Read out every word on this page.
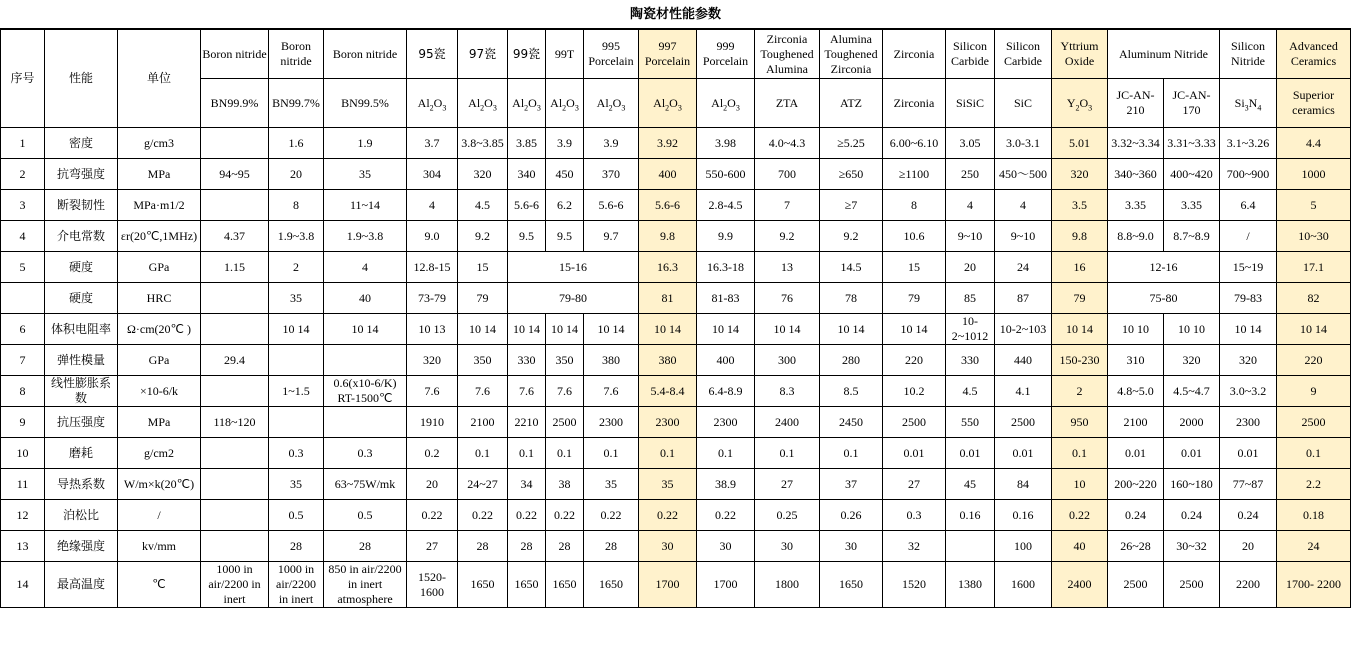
陶瓷材性能参数
序号	性能	单位	Boron nitride	Boron nitride	Boron nitride	95瓷	97瓷	99瓷	99T	995 Porcelain	997 Porcelain	999 Porcelain	Zirconia Toughened Alumina	Alumina Toughened Zirconia	Zirconia	Silicon Carbide	Silicon Carbide	Yttrium Oxide	Aluminum Nitride		Silicon Nitride	Advanced Ceramics
			BN99.9%	BN99.7%	BN99.5%	$Al_2O_3$	$Al_2O_3$	$Al_2O_3$	$Al_2O_3$	$Al_2O_3$	$Al_2O_3$	$Al_2O_3$	ZTA	ATZ	Zirconia	SiSiC	SiC	$Y_2O_3$	JC-AN-210	JC-AN-170	$Si_3N_4$	Superior ceramics
1	密度	g/cm3		1.6	1.9	3.7	3.8~3.85	3.85	3.9	3.9	3.92	3.98	4.0~4.3	≥5.25	6.00~6.10	3.05	3.0-3.1	5.01	3.32~3.34	3.31~3.33	3.1~3.26	4.4
2	抗弯强度	MPa	94~95	20	35	304	320	340	450	370	400	550-600	700	≥650	≥1100	250	450～500	320	340~360	400~420	700~900	1000
3	断裂韧性	MPa·m1/2		8	11~14	4	4.5	5.6-6	6.2	5.6-6	5.6-6	2.8-4.5	7	≥7	8	4	4	3.5	3.35	3.35	6.4	5
4	介电常数	εr(20℃,1MHz)	4.37	1.9~3.8	1.9~3.8	9.0	9.2	9.5	9.5	9.7	9.8	9.9	9.2	9.2	10.6	9~10	9~10	9.8	8.8~9.0	8.7~8.9	/	10~30
5	硬度	GPa	1.15	2	4	12.8-15	15	15-16			16.3	16.3-18	13	14.5	15	20	24	16	12-16		15~19	17.1
	硬度	HRC		35	40	73-79	79	79-80			81	81-83	76	78	79	85	87	79	75-80		79-83	82
6	体积电阻率	Ω·cm(20℃ )		10 14	10 14	10 13	10 14	10 14	10 14	10 14	10 14	10 14	10 14	10 14	10 14	10-2~1012	10-2~103	10 14	10 10	10 10	10 14	10 14
7	弹性模量	GPa	29.4			320	350	330	350	380	380	400	300	280	220	330	440	150-230	310	320	320	220
8	线性膨胀系数	×10-6/k		1~1.5	0.6(x10-6/K) RT-1500℃	7.6	7.6	7.6	7.6	7.6	5.4-8.4	6.4-8.9	8.3	8.5	10.2	4.5	4.1	2	4.8~5.0	4.5~4.7	3.0~3.2	9
9	抗压强度	MPa	118~120			1910	2100	2210	2500	2300	2300	2300	2400	2450	2500	550	2500	950	2100	2000	2300	2500
10	磨耗	g/cm2		0.3	0.3	0.2	0.1	0.1	0.1	0.1	0.1	0.1	0.1	0.1	0.01	0.01	0.01	0.1	0.01	0.01	0.01	0.1
11	导热系数	W/m×k(20℃)		35	63~75W/mk	20	24~27	34	38	35	35	38.9	27	37	27	45	84	10	200~220	160~180	77~87	2.2
12	泊松比	/		0.5	0.5	0.22	0.22	0.22	0.22	0.22	0.22	0.22	0.25	0.26	0.3	0.16	0.16	0.22	0.24	0.24	0.24	0.18
13	绝缘强度	kv/mm		28	28	27	28	28	28	28	30	30	30	30	32		100	40	26~28	30~32	20	24
14	最高温度	℃	1000 in air/2200 in inert	1000 in air/2200 in inert	850 in air/2200 in inert atmosphere	1520-1600	1650	1650	1650	1650	1700	1700	1800	1650	1520	1380	1600	2400	2500	2500	2200	1700- 2200
